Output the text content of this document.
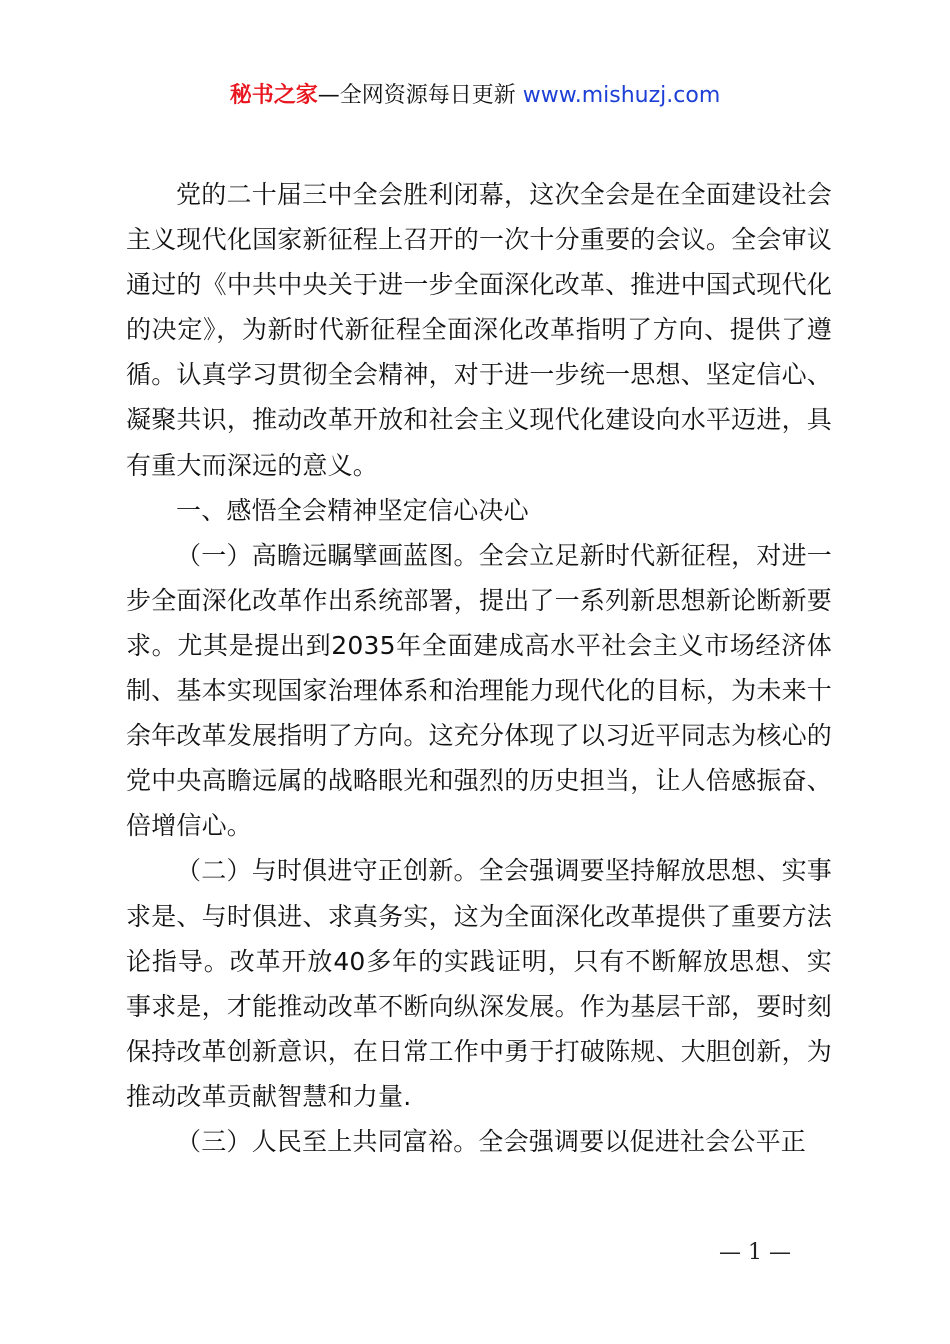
秘书之家—全网资源每日更新 www.mishuzj.com

党的二十届三中全会胜利闭幕，这次全会是在全面建设社会主义现代化国家新征程上召开的一次十分重要的会议。全会审议通过的《中共中央关于进一步全面深化改革、推进中国式现代化的决定》，为新时代新征程全面深化改革指明了方向、提供了遵循。认真学习贯彻全会精神，对于进一步统一思想、坚定信心、凝聚共识，推动改革开放和社会主义现代化建设向水平迈进，具有重大而深远的意义。

一、感悟全会精神坚定信心决心

（一）高瞻远瞩擘画蓝图。全会立足新时代新征程，对进一步全面深化改革作出系统部署，提出了一系列新思想新论断新要求。尤其是提出到2035年全面建成高水平社会主义市场经济体制、基本实现国家治理体系和治理能力现代化的目标，为未来十余年改革发展指明了方向。这充分体现了以习近平同志为核心的党中央高瞻远属的战略眼光和强烈的历史担当，让人倍感振奋、倍增信心。

（二）与时俱进守正创新。全会强调要坚持解放思想、实事求是、与时俱进、求真务实，这为全面深化改革提供了重要方法论指导。改革开放40多年的实践证明，只有不断解放思想、实事求是，才能推动改革不断向纵深发展。作为基层干部，要时刻保持改革创新意识，在日常工作中勇于打破陈规、大胆创新，为推动改革贡献智慧和力量.

（三）人民至上共同富裕。全会强调要以促进社会公平正

— 1 —
